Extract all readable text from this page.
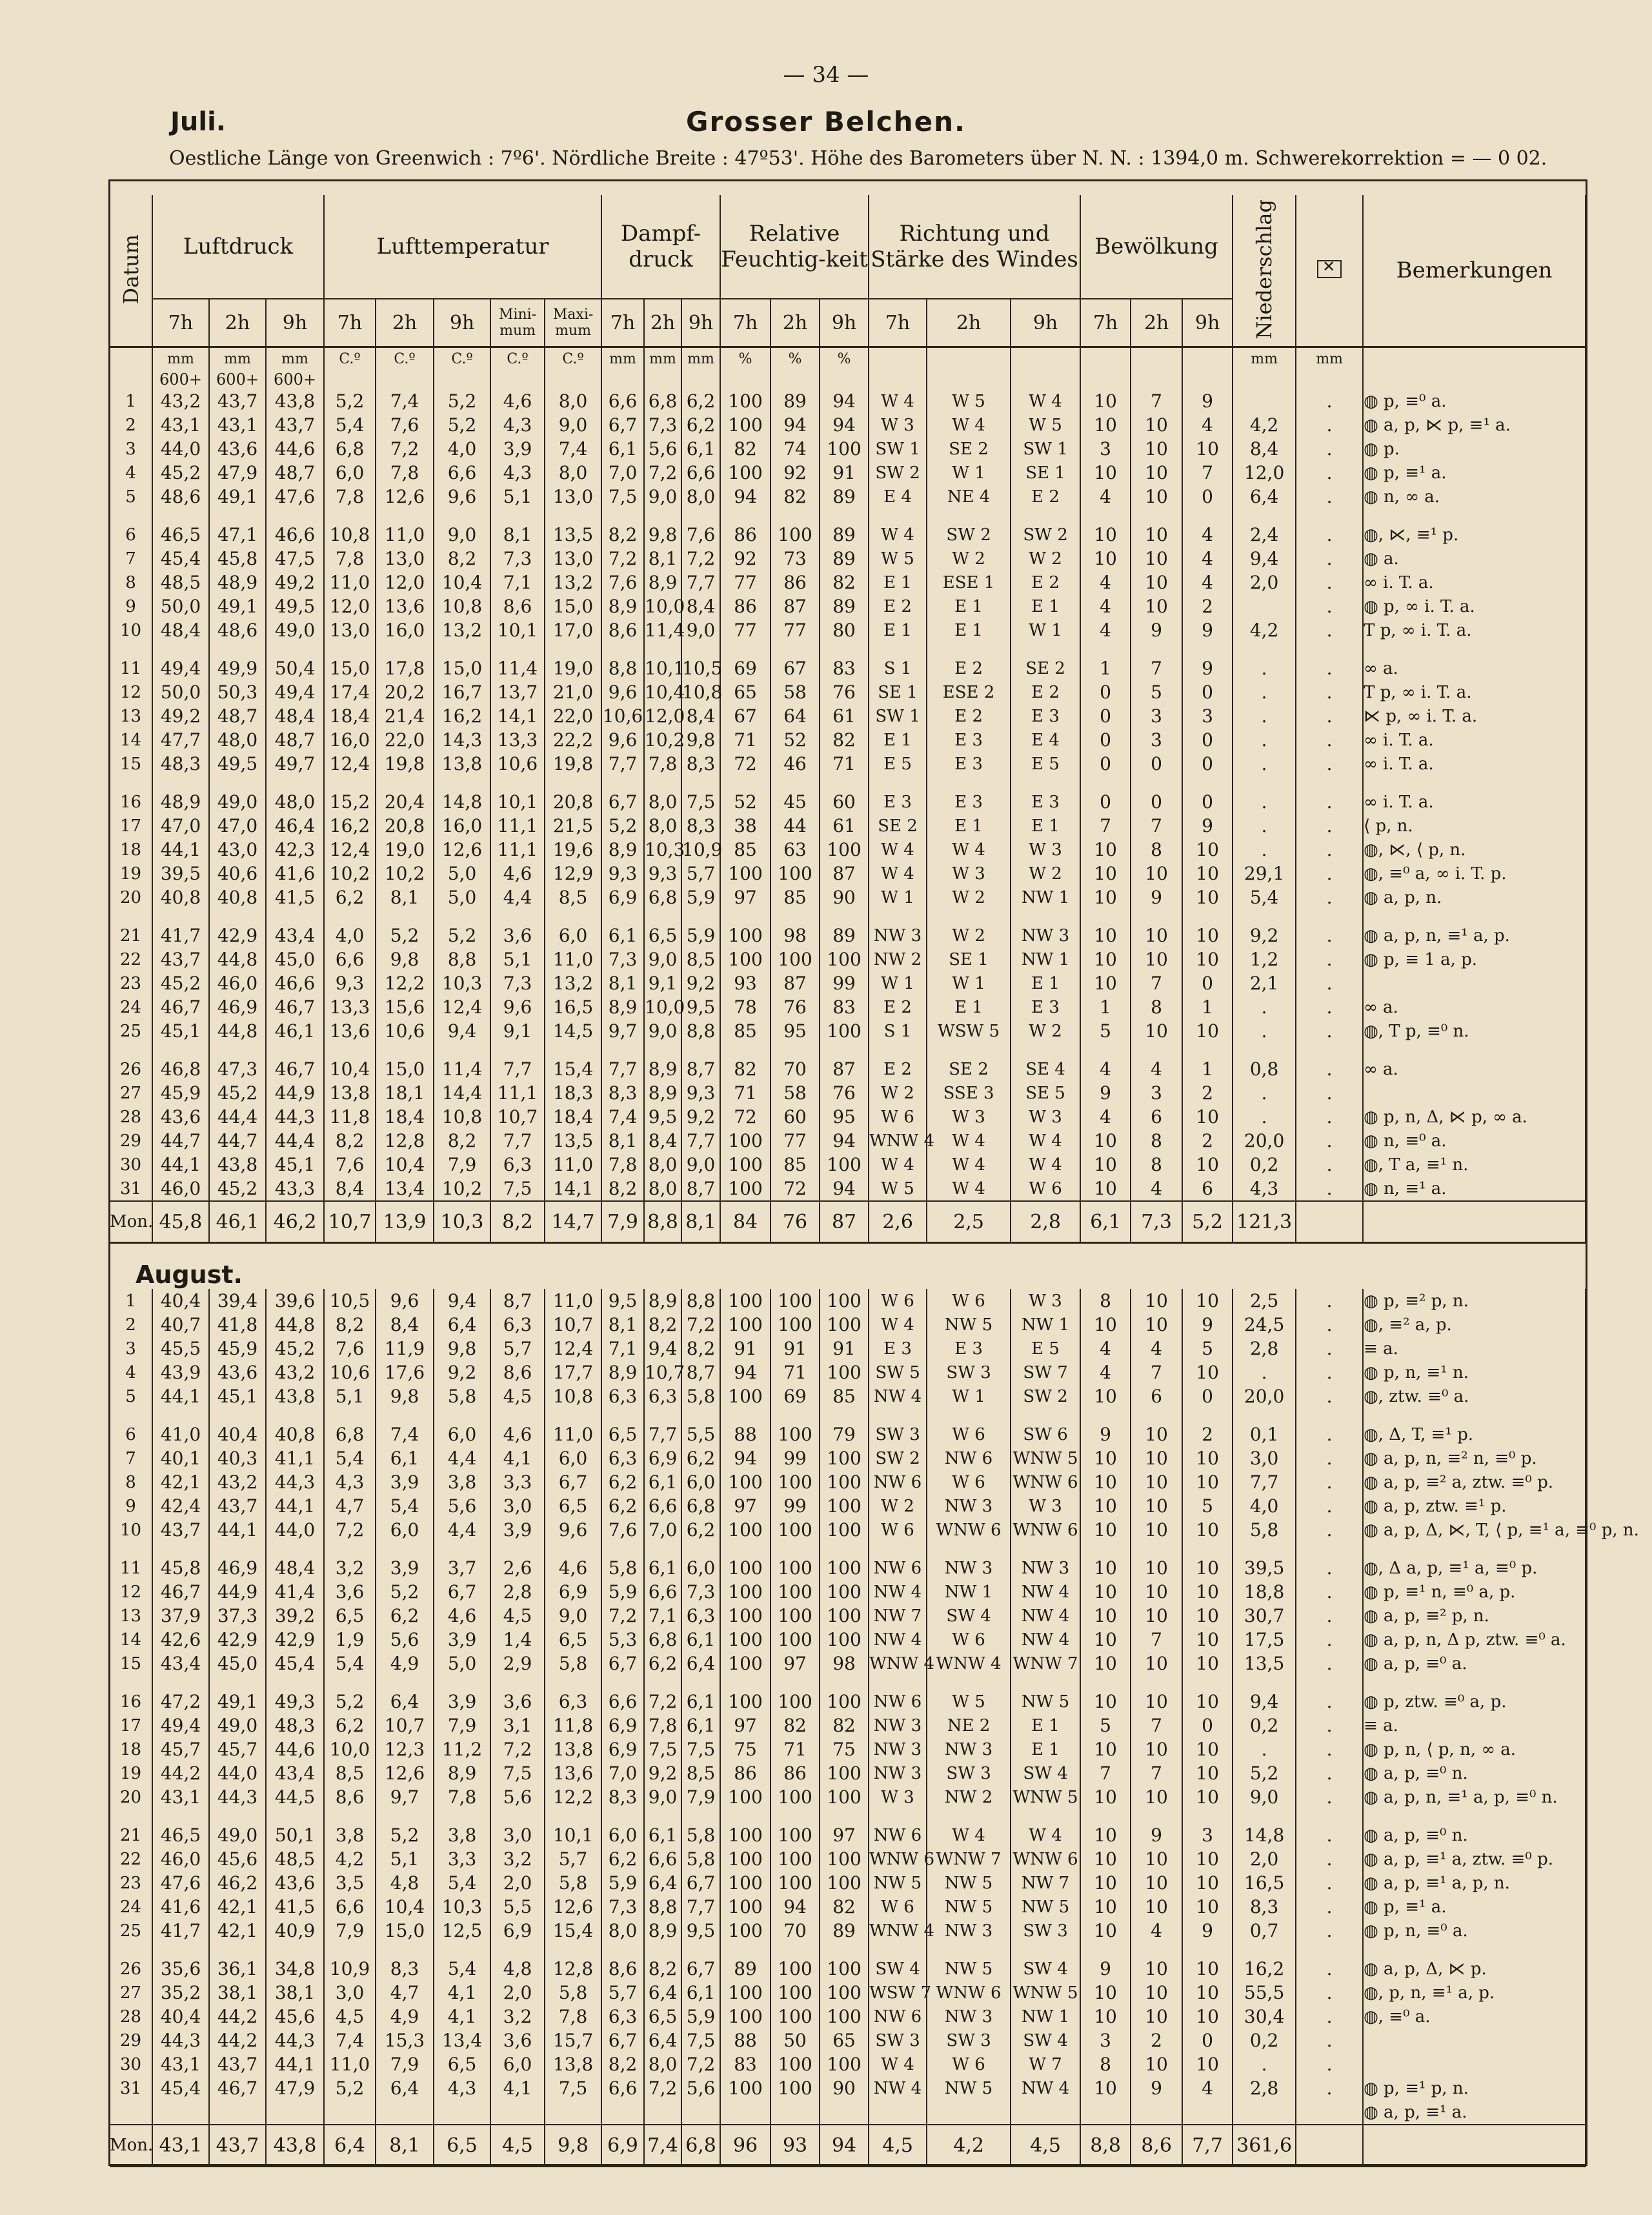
— 34 —
Juli.	Grosser Belchen.
Oestliche Länge von Greenwich : 7º6'. Nördliche Breite : 47º53'. Höhe des Barometers über N. N. : 1394,0 m. Schwerekorrektion = — 0 02.
Datum	Luftdruck			Lufttemperatur					Dampf-druck			Relative Feuchtig-keit			Richtung und Stärke des Windes			Bewölkung			Niederschlag	✕	Bemerkungen
	7h	2h	9h	7h	2h	9h	Mini-mum	Maxi-mum	7h	2h	9h	7h	2h	9h	7h	2h	9h	7h	2h	9h			
	mm	mm	mm	C.º	C.º	C.º	C.º	C.º	mm	mm	mm	%	%	%							mm	mm	
	600+	600+	600+																				
1	43,2	43,7	43,8	5,2	7,4	5,2	4,6	8,0	6,6	6,8	6,2	100	89	94	W 4	W 5	W 4	10	7	9		.	◍ p, ≡⁰ a.
2	43,1	43,1	43,7	5,4	7,6	5,2	4,3	9,0	6,7	7,3	6,2	100	94	94	W 3	W 4	W 5	10	10	4	4,2	.	◍ a, p, ⋉ p, ≡¹ a.
3	44,0	43,6	44,6	6,8	7,2	4,0	3,9	7,4	6,1	5,6	6,1	82	74	100	SW 1	SE 2	SW 1	3	10	10	8,4	.	◍ p.
4	45,2	47,9	48,7	6,0	7,8	6,6	4,3	8,0	7,0	7,2	6,6	100	92	91	SW 2	W 1	SE 1	10	10	7	12,0	.	◍ p, ≡¹ a.
5	48,6	49,1	47,6	7,8	12,6	9,6	5,1	13,0	7,5	9,0	8,0	94	82	89	E 4	NE 4	E 2	4	10	0	6,4	.	◍ n, ∞ a.

6	46,5	47,1	46,6	10,8	11,0	9,0	8,1	13,5	8,2	9,8	7,6	86	100	89	W 4	SW 2	SW 2	10	10	4	2,4	.	◍, ⋉, ≡¹ p.
7	45,4	45,8	47,5	7,8	13,0	8,2	7,3	13,0	7,2	8,1	7,2	92	73	89	W 5	W 2	W 2	10	10	4	9,4	.	◍ a.
8	48,5	48,9	49,2	11,0	12,0	10,4	7,1	13,2	7,6	8,9	7,7	77	86	82	E 1	ESE 1	E 2	4	10	4	2,0	.	∞ i. T. a.
9	50,0	49,1	49,5	12,0	13,6	10,8	8,6	15,0	8,9	10,0	8,4	86	87	89	E 2	E 1	E 1	4	10	2		.	◍ p, ∞ i. T. a.
10	48,4	48,6	49,0	13,0	16,0	13,2	10,1	17,0	8,6	11,4	9,0	77	77	80	E 1	E 1	W 1	4	9	9	4,2	.	T p, ∞ i. T. a.

11	49,4	49,9	50,4	15,0	17,8	15,0	11,4	19,0	8,8	10,1	10,5	69	67	83	S 1	E 2	SE 2	1	7	9	.	.	∞ a.
12	50,0	50,3	49,4	17,4	20,2	16,7	13,7	21,0	9,6	10,4	10,8	65	58	76	SE 1	ESE 2	E 2	0	5	0	.	.	T p, ∞ i. T. a.
13	49,2	48,7	48,4	18,4	21,4	16,2	14,1	22,0	10,6	12,0	8,4	67	64	61	SW 1	E 2	E 3	0	3	3	.	.	⋉ p, ∞ i. T. a.
14	47,7	48,0	48,7	16,0	22,0	14,3	13,3	22,2	9,6	10,2	9,8	71	52	82	E 1	E 3	E 4	0	3	0	.	.	∞ i. T. a.
15	48,3	49,5	49,7	12,4	19,8	13,8	10,6	19,8	7,7	7,8	8,3	72	46	71	E 5	E 3	E 5	0	0	0	.	.	∞ i. T. a.

16	48,9	49,0	48,0	15,2	20,4	14,8	10,1	20,8	6,7	8,0	7,5	52	45	60	E 3	E 3	E 3	0	0	0	.	.	∞ i. T. a.
17	47,0	47,0	46,4	16,2	20,8	16,0	11,1	21,5	5,2	8,0	8,3	38	44	61	SE 2	E 1	E 1	7	7	9	.	.	⟨ p, n.
18	44,1	43,0	42,3	12,4	19,0	12,6	11,1	19,6	8,9	10,3	10,9	85	63	100	W 4	W 4	W 3	10	8	10	.	.	◍, ⋉, ⟨ p, n.
19	39,5	40,6	41,6	10,2	10,2	5,0	4,6	12,9	9,3	9,3	5,7	100	100	87	W 4	W 3	W 2	10	10	10	29,1	.	◍, ≡⁰ a, ∞ i. T. p.
20	40,8	40,8	41,5	6,2	8,1	5,0	4,4	8,5	6,9	6,8	5,9	97	85	90	W 1	W 2	NW 1	10	9	10	5,4	.	◍ a, p, n.

21	41,7	42,9	43,4	4,0	5,2	5,2	3,6	6,0	6,1	6,5	5,9	100	98	89	NW 3	W 2	NW 3	10	10	10	9,2	.	◍ a, p, n, ≡¹ a, p.
22	43,7	44,8	45,0	6,6	9,8	8,8	5,1	11,0	7,3	9,0	8,5	100	100	100	NW 2	SE 1	NW 1	10	10	10	1,2	.	◍ p, ≡ 1 a, p.
23	45,2	46,0	46,6	9,3	12,2	10,3	7,3	13,2	8,1	9,1	9,2	93	87	99	W 1	W 1	E 1	10	7	0	2,1	.	
24	46,7	46,9	46,7	13,3	15,6	12,4	9,6	16,5	8,9	10,0	9,5	78	76	83	E 2	E 1	E 3	1	8	1	.	.	∞ a.
25	45,1	44,8	46,1	13,6	10,6	9,4	9,1	14,5	9,7	9,0	8,8	85	95	100	S 1	WSW 5	W 2	5	10	10	.	.	◍, T p, ≡⁰ n.

26	46,8	47,3	46,7	10,4	15,0	11,4	7,7	15,4	7,7	8,9	8,7	82	70	87	E 2	SE 2	SE 4	4	4	1	0,8	.	∞ a.
27	45,9	45,2	44,9	13,8	18,1	14,4	11,1	18,3	8,3	8,9	9,3	71	58	76	W 2	SSE 3	SE 5	9	3	2	.	.	
28	43,6	44,4	44,3	11,8	18,4	10,8	10,7	18,4	7,4	9,5	9,2	72	60	95	W 6	W 3	W 3	4	6	10	.	.	◍ p, n, Δ, ⋉ p, ∞ a.
29	44,7	44,7	44,4	8,2	12,8	8,2	7,7	13,5	8,1	8,4	7,7	100	77	94	WNW 4	W 4	W 4	10	8	2	20,0	.	◍ n, ≡⁰ a.
30	44,1	43,8	45,1	7,6	10,4	7,9	6,3	11,0	7,8	8,0	9,0	100	85	100	W 4	W 4	W 4	10	8	10	0,2	.	◍, T a, ≡¹ n.
31	46,0	45,2	43,3	8,4	13,4	10,2	7,5	14,1	8,2	8,0	8,7	100	72	94	W 5	W 4	W 6	10	4	6	4,3	.	◍ n, ≡¹ a.
Mon.	45,8	46,1	46,2	10,7	13,9	10,3	8,2	14,7	7,9	8,8	8,1	84	76	87	2,6	2,5	2,8	6,1	7,3	5,2	121,3		
August.																							
1	40,4	39,4	39,6	10,5	9,6	9,4	8,7	11,0	9,5	8,9	8,8	100	100	100	W 6	W 6	W 3	8	10	10	2,5	.	◍ p, ≡² p, n.
2	40,7	41,8	44,8	8,2	8,4	6,4	6,3	10,7	8,1	8,2	7,2	100	100	100	W 4	NW 5	NW 1	10	10	9	24,5	.	◍, ≡² a, p.
3	45,5	45,9	45,2	7,6	11,9	9,8	5,7	12,4	7,1	9,4	8,2	91	91	91	E 3	E 3	E 5	4	4	5	2,8	.	≡ a.
4	43,9	43,6	43,2	10,6	17,6	9,2	8,6	17,7	8,9	10,7	8,7	94	71	100	SW 5	SW 3	SW 7	4	7	10	.	.	◍ p, n, ≡¹ n.
5	44,1	45,1	43,8	5,1	9,8	5,8	4,5	10,8	6,3	6,3	5,8	100	69	85	NW 4	W 1	SW 2	10	6	0	20,0	.	◍, ztw. ≡⁰ a.

6	41,0	40,4	40,8	6,8	7,4	6,0	4,6	11,0	6,5	7,7	5,5	88	100	79	SW 3	W 6	SW 6	9	10	2	0,1	.	◍, Δ, T, ≡¹ p.
7	40,1	40,3	41,1	5,4	6,1	4,4	4,1	6,0	6,3	6,9	6,2	94	99	100	SW 2	NW 6	WNW 5	10	10	10	3,0	.	◍ a, p, n, ≡² n, ≡⁰ p.
8	42,1	43,2	44,3	4,3	3,9	3,8	3,3	6,7	6,2	6,1	6,0	100	100	100	NW 6	W 6	WNW 6	10	10	10	7,7	.	◍ a, p, ≡² a, ztw. ≡⁰ p.
9	42,4	43,7	44,1	4,7	5,4	5,6	3,0	6,5	6,2	6,6	6,8	97	99	100	W 2	NW 3	W 3	10	10	5	4,0	.	◍ a, p, ztw. ≡¹ p.
10	43,7	44,1	44,0	7,2	6,0	4,4	3,9	9,6	7,6	7,0	6,2	100	100	100	W 6	WNW 6	WNW 6	10	10	10	5,8	.	◍ a, p, Δ, ⋉, T, ⟨ p, ≡¹ a, ≡⁰ p, n.

11	45,8	46,9	48,4	3,2	3,9	3,7	2,6	4,6	5,8	6,1	6,0	100	100	100	NW 6	NW 3	NW 3	10	10	10	39,5	.	◍, Δ a, p, ≡¹ a, ≡⁰ p.
12	46,7	44,9	41,4	3,6	5,2	6,7	2,8	6,9	5,9	6,6	7,3	100	100	100	NW 4	NW 1	NW 4	10	10	10	18,8	.	◍ p, ≡¹ n, ≡⁰ a, p.
13	37,9	37,3	39,2	6,5	6,2	4,6	4,5	9,0	7,2	7,1	6,3	100	100	100	NW 7	SW 4	NW 4	10	10	10	30,7	.	◍ a, p, ≡² p, n.
14	42,6	42,9	42,9	1,9	5,6	3,9	1,4	6,5	5,3	6,8	6,1	100	100	100	NW 4	W 6	NW 4	10	7	10	17,5	.	◍ a, p, n, Δ p, ztw. ≡⁰ a.
15	43,4	45,0	45,4	5,4	4,9	5,0	2,9	5,8	6,7	6,2	6,4	100	97	98	WNW 4	WNW 4	WNW 7	10	10	10	13,5	.	◍ a, p, ≡⁰ a.

16	47,2	49,1	49,3	5,2	6,4	3,9	3,6	6,3	6,6	7,2	6,1	100	100	100	NW 6	W 5	NW 5	10	10	10	9,4	.	◍ p, ztw. ≡⁰ a, p.
17	49,4	49,0	48,3	6,2	10,7	7,9	3,1	11,8	6,9	7,8	6,1	97	82	82	NW 3	NE 2	E 1	5	7	0	0,2	.	≡ a.
18	45,7	45,7	44,6	10,0	12,3	11,2	7,2	13,8	6,9	7,5	7,5	75	71	75	NW 3	NW 3	E 1	10	10	10	.	.	◍ p, n, ⟨ p, n, ∞ a.
19	44,2	44,0	43,4	8,5	12,6	8,9	7,5	13,6	7,0	9,2	8,5	86	86	100	NW 3	SW 3	SW 4	7	7	10	5,2	.	◍ a, p, ≡⁰ n.
20	43,1	44,3	44,5	8,6	9,7	7,8	5,6	12,2	8,3	9,0	7,9	100	100	100	W 3	NW 2	WNW 5	10	10	10	9,0	.	◍ a, p, n, ≡¹ a, p, ≡⁰ n.

21	46,5	49,0	50,1	3,8	5,2	3,8	3,0	10,1	6,0	6,1	5,8	100	100	97	NW 6	W 4	W 4	10	9	3	14,8	.	◍ a, p, ≡⁰ n.
22	46,0	45,6	48,5	4,2	5,1	3,3	3,2	5,7	6,2	6,6	5,8	100	100	100	WNW 6	WNW 7	WNW 6	10	10	10	2,0	.	◍ a, p, ≡¹ a, ztw. ≡⁰ p.
23	47,6	46,2	43,6	3,5	4,8	5,4	2,0	5,8	5,9	6,4	6,7	100	100	100	NW 5	NW 5	NW 7	10	10	10	16,5	.	◍ a, p, ≡¹ a, p, n.
24	41,6	42,1	41,5	6,6	10,4	10,3	5,5	12,6	7,3	8,8	7,7	100	94	82	W 6	NW 5	NW 5	10	10	10	8,3	.	◍ p, ≡¹ a.
25	41,7	42,1	40,9	7,9	15,0	12,5	6,9	15,4	8,0	8,9	9,5	100	70	89	WNW 4	NW 3	SW 3	10	4	9	0,7	.	◍ p, n, ≡⁰ a.

26	35,6	36,1	34,8	10,9	8,3	5,4	4,8	12,8	8,6	8,2	6,7	89	100	100	SW 4	NW 5	SW 4	9	10	10	16,2	.	◍ a, p, Δ, ⋉ p.
27	35,2	38,1	38,1	3,0	4,7	4,1	2,0	5,8	5,7	6,4	6,1	100	100	100	WSW 7	WNW 6	WNW 5	10	10	10	55,5	.	◍, p, n, ≡¹ a, p.
28	40,4	44,2	45,6	4,5	4,9	4,1	3,2	7,8	6,3	6,5	5,9	100	100	100	NW 6	NW 3	NW 1	10	10	10	30,4	.	◍, ≡⁰ a.
29	44,3	44,2	44,3	7,4	15,3	13,4	3,6	15,7	6,7	6,4	7,5	88	50	65	SW 3	SW 3	SW 4	3	2	0	0,2	.	
30	43,1	43,7	44,1	11,0	7,9	6,5	6,0	13,8	8,2	8,0	7,2	83	100	100	W 4	W 6	W 7	8	10	10	.	.	
31	45,4	46,7	47,9	5,2	6,4	4,3	4,1	7,5	6,6	7,2	5,6	100	100	90	NW 4	NW 5	NW 4	10	9	4	2,8	.	◍ p, ≡¹ p, n.
																							◍ a, p, ≡¹ a.
Mon.	43,1	43,7	43,8	6,4	8,1	6,5	4,5	9,8	6,9	7,4	6,8	96	93	94	4,5	4,2	4,5	8,8	8,6	7,7	361,6		
